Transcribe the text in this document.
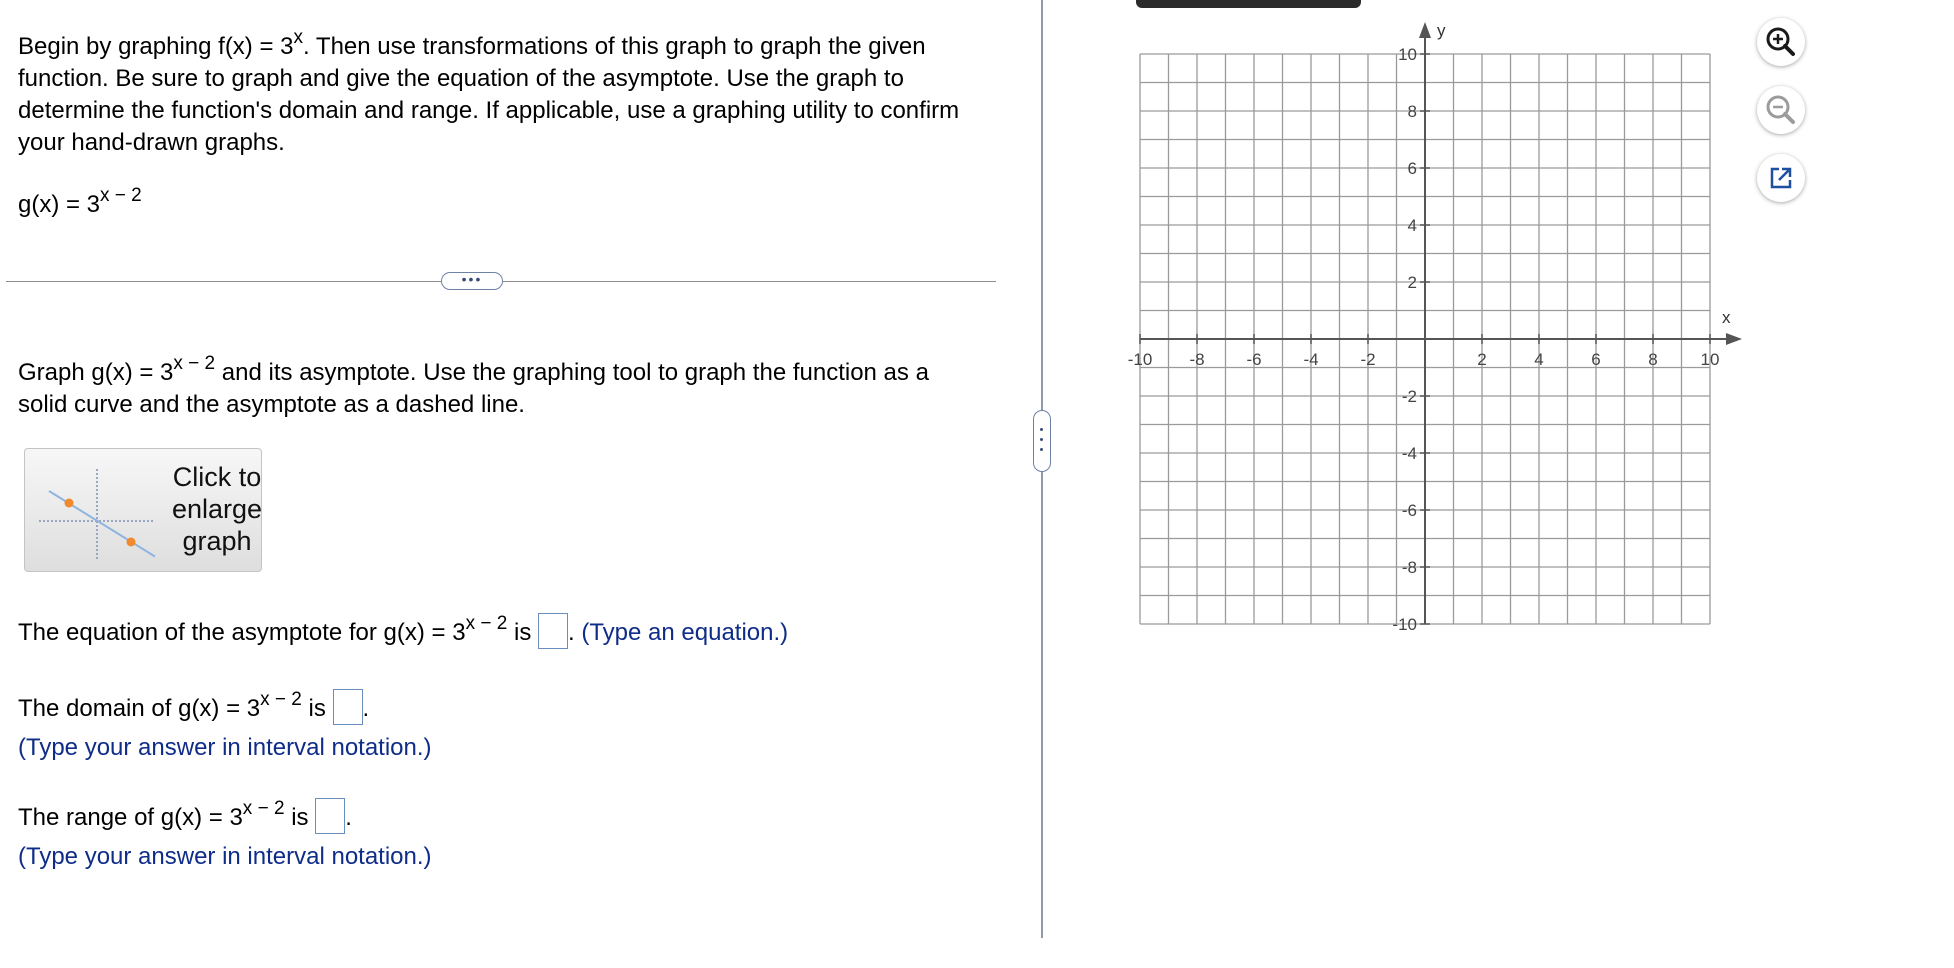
Begin by graphing $f(x) = 3^x$. Then use transformations of this graph to graph the given function. Be sure to graph and give the equation of the asymptote. Use the graph to determine the function's domain and range. If applicable, use a graphing utility to confirm your hand-drawn graphs.
$g(x) = 3^{x - 2}$
•••
Graph $g(x) = 3^{x - 2}$ and its asymptote. Use the graphing tool to graph the function as a solid curve and the asymptote as a dashed line.
Click to enlarge graph
The equation of the asymptote for $g(x) = 3^{x - 2}$ is . (Type an equation.)
The domain of $g(x) = 3^{x - 2}$ is .
(Type your answer in interval notation.)
The range of $g(x) = 3^{x - 2}$ is .
(Type your answer in interval notation.)
x
y
-10 -8 -6 -4 -2	2	4	6	8	10
10
8
6
4
2
-2
-4
-6
-8
-10
